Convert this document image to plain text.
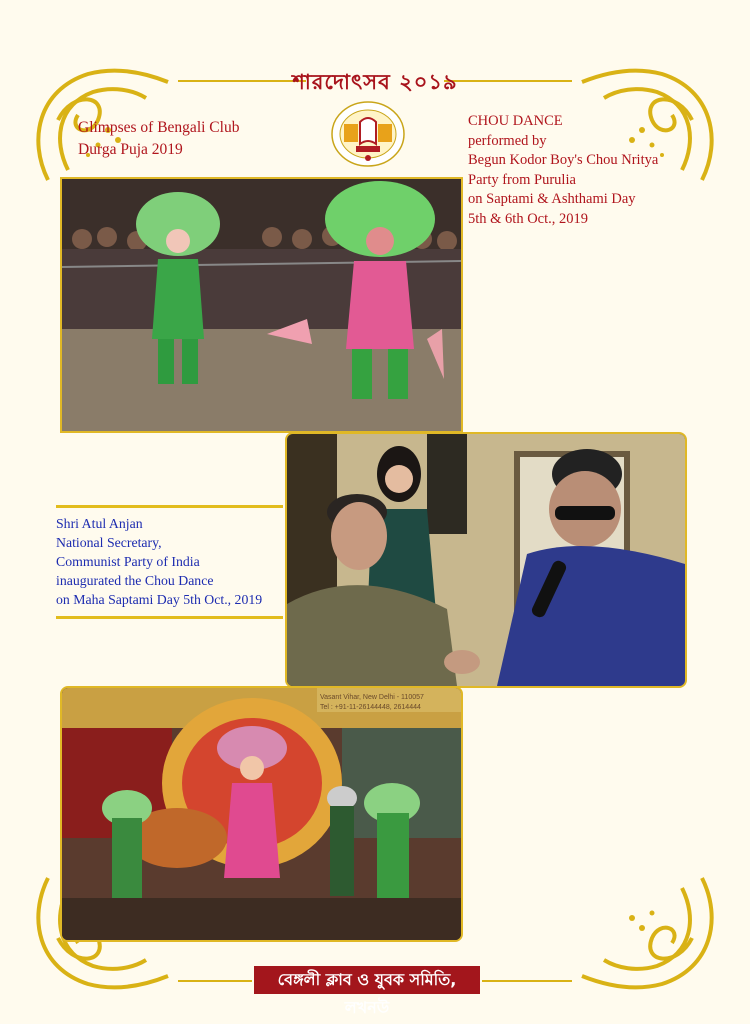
শারদোৎসব ২০১৯
Glimpses of Bengali Club
Durga Puja 2019
CHOU DANCE
performed by
Begun Kodor Boy's Chou Nritya
Party from Purulia
on Saptami & Ashthami Day
5th & 6th Oct., 2019
Shri Atul Anjan
National Secretary,
Communist Party of India
inaugurated the Chou Dance
on Maha Saptami Day 5th Oct., 2019
Vasant Vihar, New Delhi - 110057
Tel : +91-11-26144448, 2614444
বেঙ্গলী ক্লাব ও যুবক সমিতি, লখনউ
